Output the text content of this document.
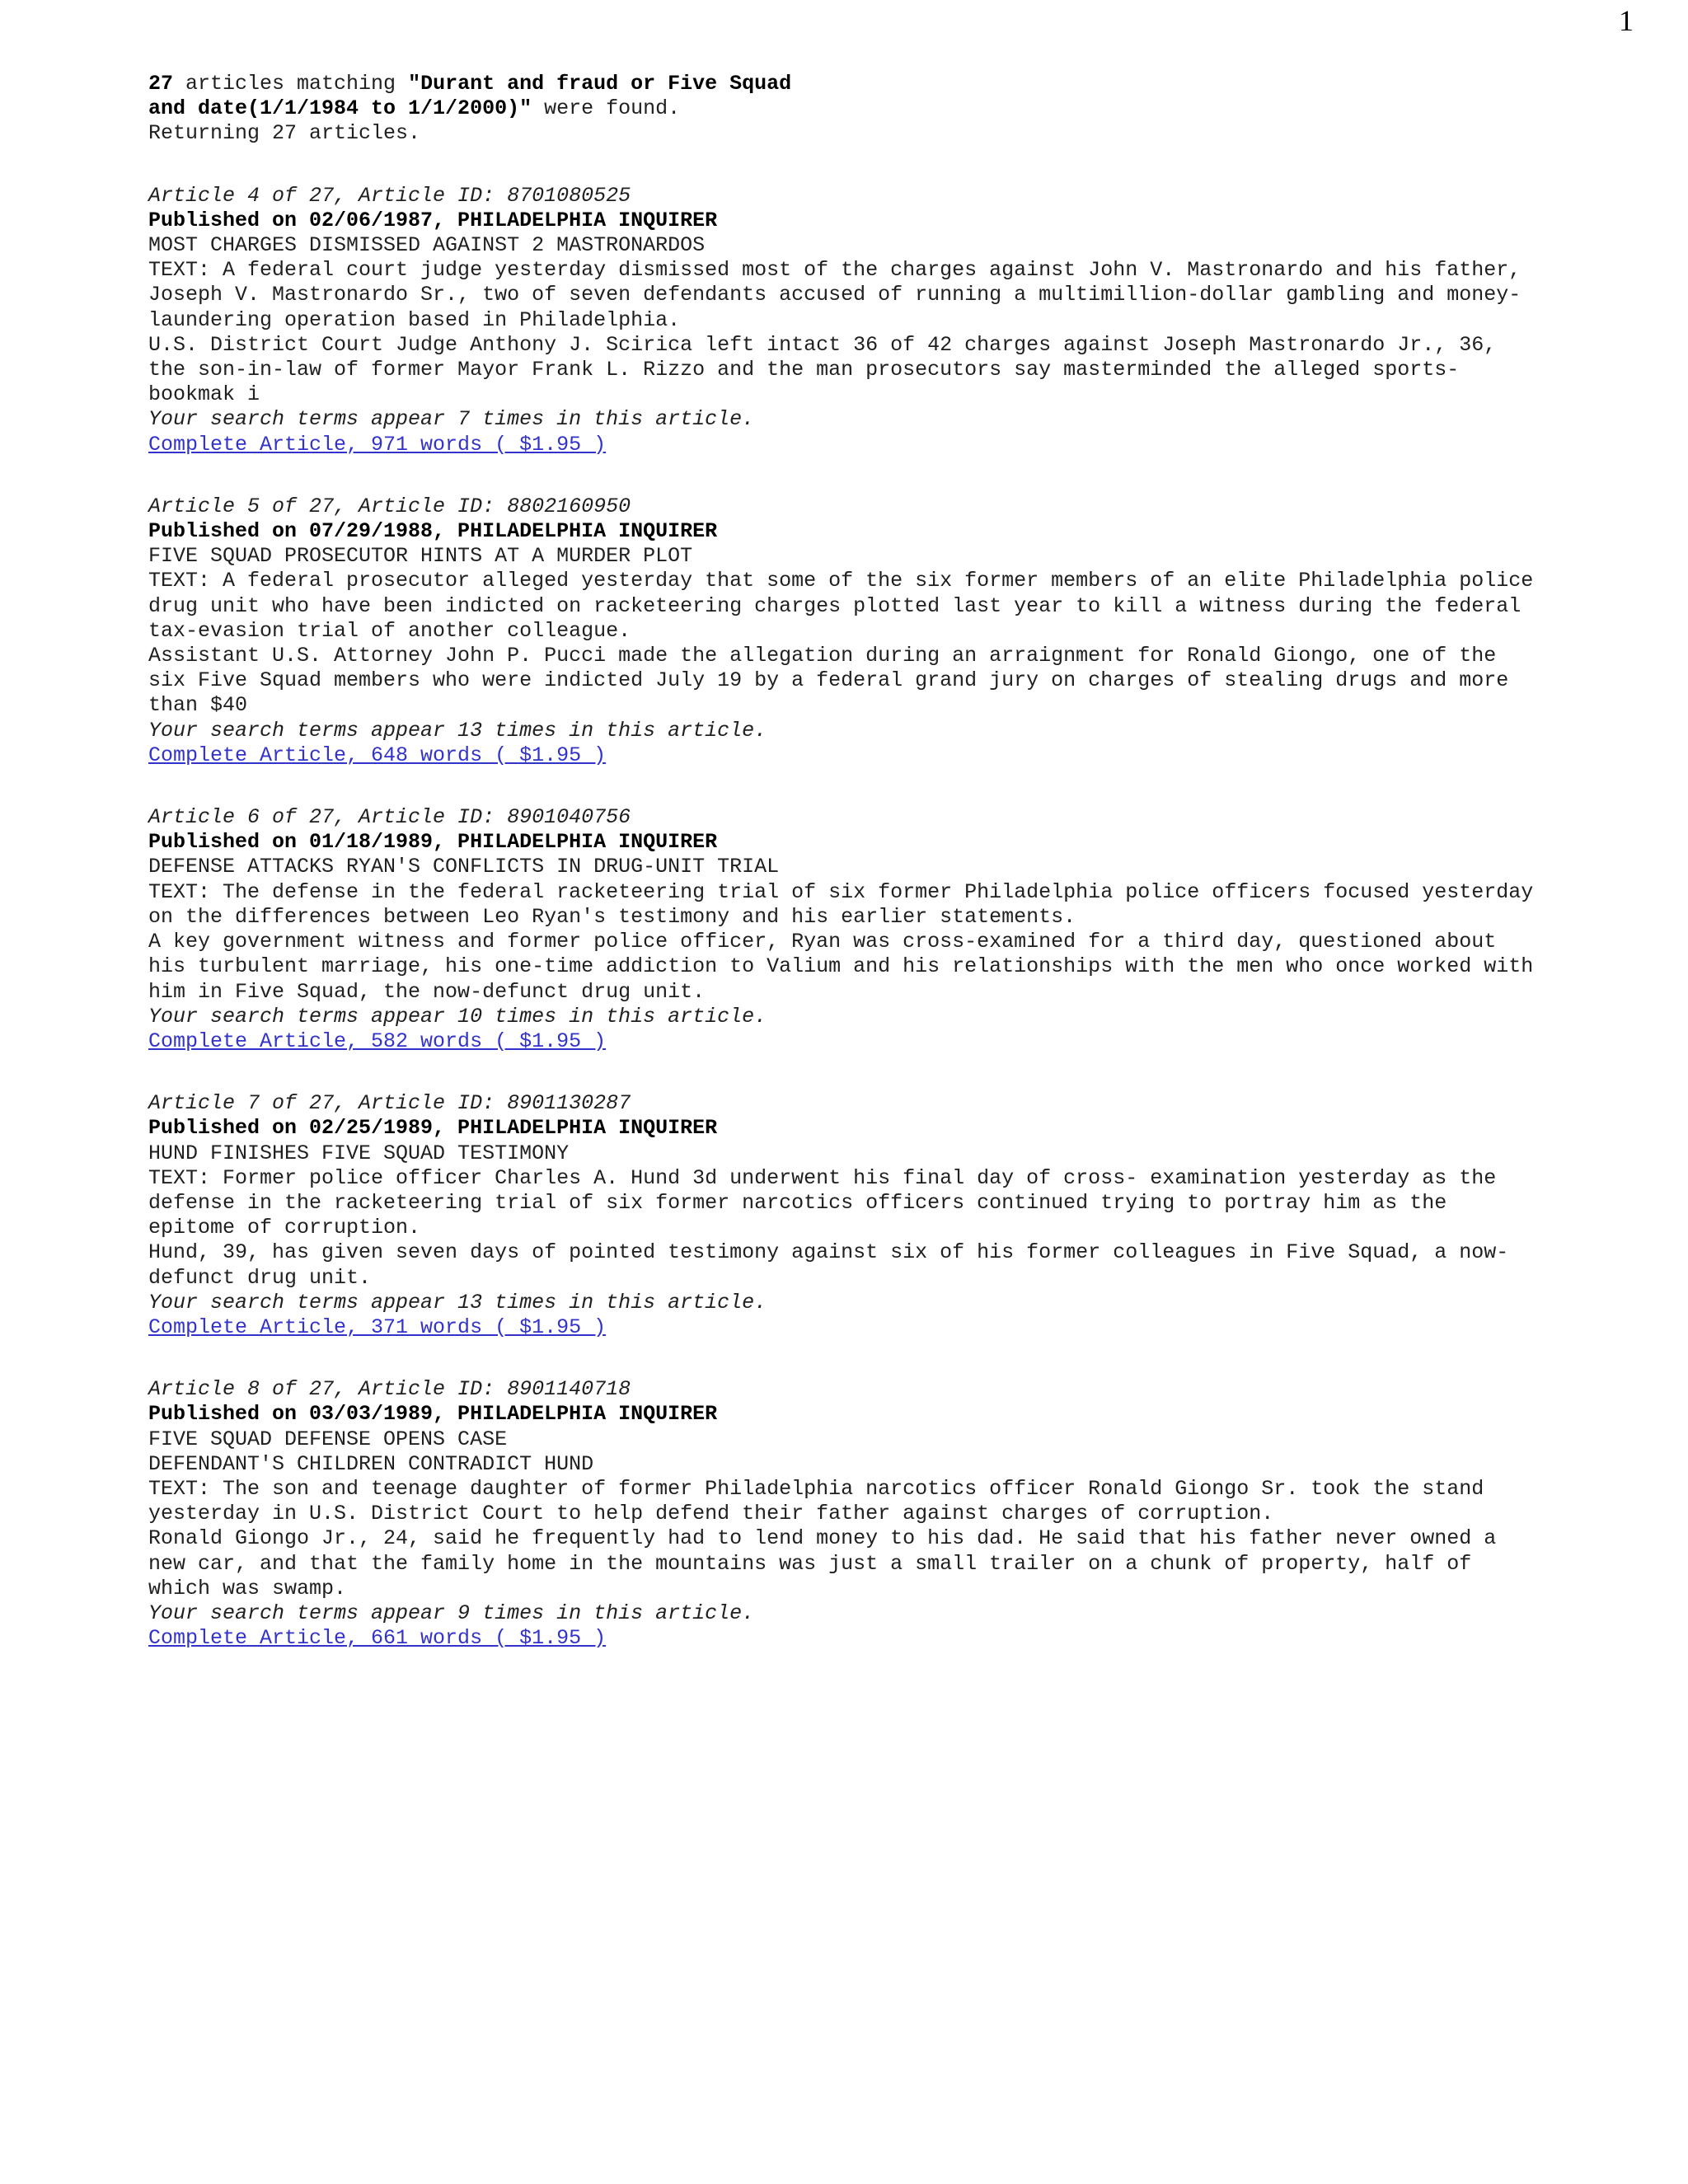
1
27 articles matching "Durant and fraud or Five Squad
and date(1/1/1984 to 1/1/2000)" were found.
Returning 27 articles.
Article 4 of 27, Article ID: 8701080525
Published on 02/06/1987, PHILADELPHIA INQUIRER
MOST CHARGES DISMISSED AGAINST 2 MASTRONARDOS
TEXT: A federal court judge yesterday dismissed most of the charges against John V. Mastronardo and his father,
Joseph V. Mastronardo Sr., two of seven defendants accused of running a multimillion-dollar gambling and money-
laundering operation based in Philadelphia.
U.S. District Court Judge Anthony J. Scirica left intact 36 of 42 charges against Joseph Mastronardo Jr., 36,
the son-in-law of former Mayor Frank L. Rizzo and the man prosecutors say masterminded the alleged sports-
bookmak i
Your search terms appear 7 times in this article.
Complete Article, 971 words ( $1.95 )
Article 5 of 27, Article ID: 8802160950
Published on 07/29/1988, PHILADELPHIA INQUIRER
FIVE SQUAD PROSECUTOR HINTS AT A MURDER PLOT
TEXT: A federal prosecutor alleged yesterday that some of the six former members of an elite Philadelphia police
drug unit who have been indicted on racketeering charges plotted last year to kill a witness during the federal
tax-evasion trial of another colleague.
Assistant U.S. Attorney John P. Pucci made the allegation during an arraignment for Ronald Giongo, one of the
six Five Squad members who were indicted July 19 by a federal grand jury on charges of stealing drugs and more
than $40
Your search terms appear 13 times in this article.
Complete Article, 648 words ( $1.95 )
Article 6 of 27, Article ID: 8901040756
Published on 01/18/1989, PHILADELPHIA INQUIRER
DEFENSE ATTACKS RYAN'S CONFLICTS IN DRUG-UNIT TRIAL
TEXT: The defense in the federal racketeering trial of six former Philadelphia police officers focused yesterday
on the differences between Leo Ryan's testimony and his earlier statements.
A key government witness and former police officer, Ryan was cross-examined for a third day, questioned about
his turbulent marriage, his one-time addiction to Valium and his relationships with the men who once worked with
him in Five Squad, the now-defunct drug unit.
Your search terms appear 10 times in this article.
Complete Article, 582 words ( $1.95 )
Article 7 of 27, Article ID: 8901130287
Published on 02/25/1989, PHILADELPHIA INQUIRER
HUND FINISHES FIVE SQUAD TESTIMONY
TEXT: Former police officer Charles A. Hund 3d underwent his final day of cross- examination yesterday as the
defense in the racketeering trial of six former narcotics officers continued trying to portray him as the
epitome of corruption.
Hund, 39, has given seven days of pointed testimony against six of his former colleagues in Five Squad, a now-
defunct drug unit.
Your search terms appear 13 times in this article.
Complete Article, 371 words ( $1.95 )
Article 8 of 27, Article ID: 8901140718
Published on 03/03/1989, PHILADELPHIA INQUIRER
FIVE SQUAD DEFENSE OPENS CASE
DEFENDANT'S CHILDREN CONTRADICT HUND
TEXT: The son and teenage daughter of former Philadelphia narcotics officer Ronald Giongo Sr. took the stand
yesterday in U.S. District Court to help defend their father against charges of corruption.
Ronald Giongo Jr., 24, said he frequently had to lend money to his dad. He said that his father never owned a
new car, and that the family home in the mountains was just a small trailer on a chunk of property, half of
which was swamp.
Your search terms appear 9 times in this article.
Complete Article, 661 words ( $1.95 )
